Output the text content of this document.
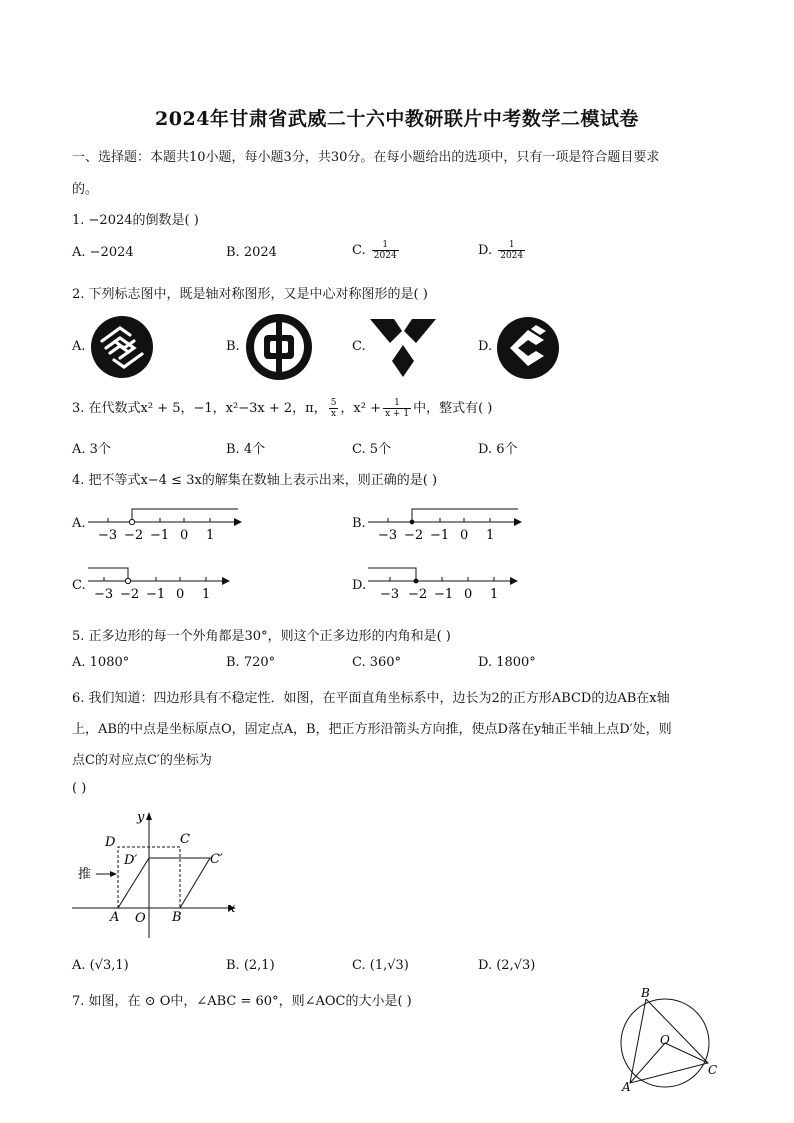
2024年甘肃省武威二十六中教研联片中考数学二模试卷
一、选择题：本题共10小题，每小题3分，共30分。在每小题给出的选项中，只有一项是符合题目要求
的。
1. −2024的倒数是( )
A. −2024	B. 2024	C. $\frac{1}{2024}$	D. $\frac{1}{2024}$
2. 下列标志图中，既是轴对称图形，又是中心对称图形的是( )
A.	B.	C.	D.
3. 在代数式x² + 5，−1，x²−3x + 2，π， $\frac{5}{x}$ ，$x^2 + \frac{1}{x + 1}$ 中，整式有( )
A. 3个	B. 4个	C. 5个	D. 6个
4. 把不等式x−4 ≤ 3x的解集在数轴上表示出来，则正确的是( )
A.	B.
C.	D.
−3 −2 −1 0 1	−3 −2 −1 0 1
−3 −2 −1 0 1	−3 −2 −1 0 1
5. 正多边形的每一个外角都是30°，则这个正多边形的内角和是( )
A. 1080°	B. 720°	C. 360°	D. 1800°
6. 我们知道：四边形具有不稳定性．如图，在平面直角坐标系中，边长为2的正方形ABCD的边AB在x轴
上，AB的中点是坐标原点O，固定点A，B，把正方形沿箭头方向推，使点D落在y轴正半轴上点D′处，则
点C的对应点C′的坐标为
( )
y
x
D	C
D′	C′
推
A O B
A. (√3,1)	B. (2,1)	C. (1,√3)	D. (2,√3)
7. 如图，在 ⊙ O中，∠ABC = 60°，则∠AOC的大小是( )
B
O
C
A
